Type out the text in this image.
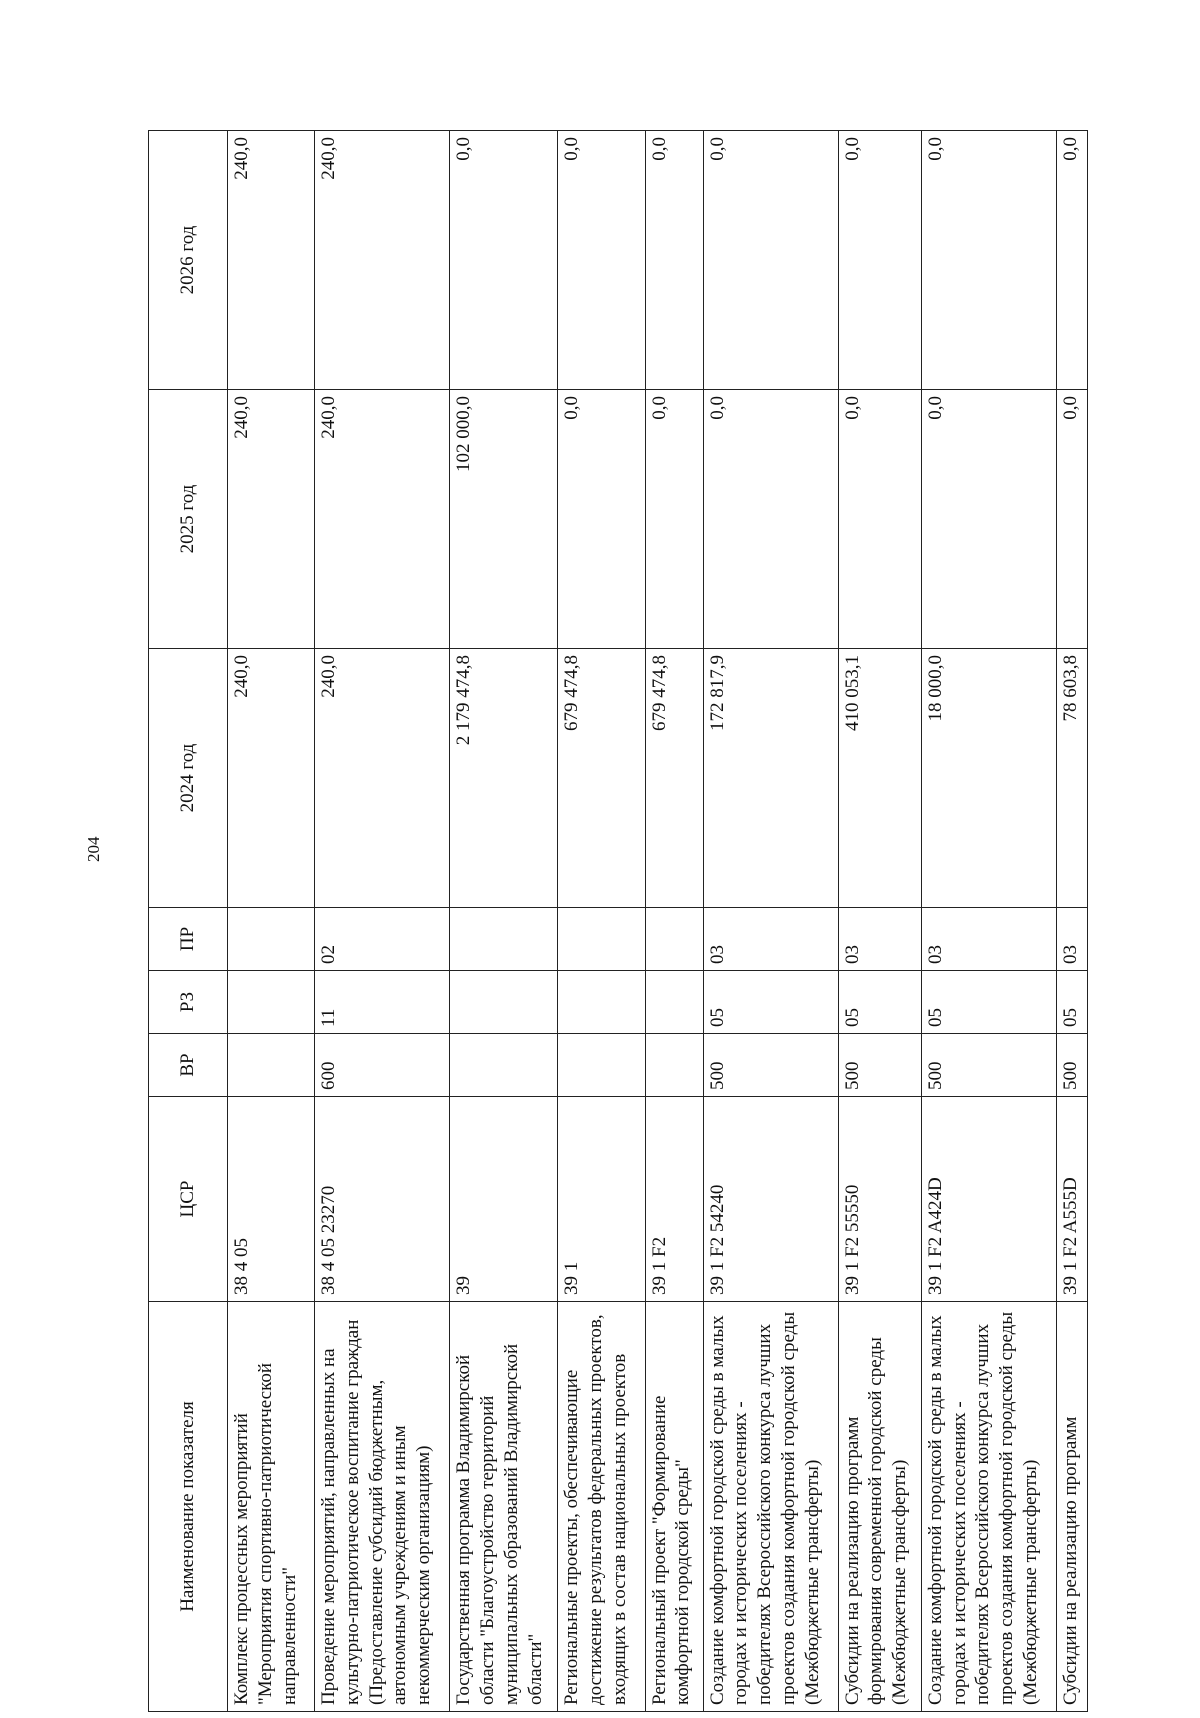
204
Наименование показателя	ЦСР	ВР	РЗ	ПР	2024 год	2025 год	2026 год
Комплекс процессных мероприятий "Мероприятия спортивно-патриотической направленности"	38 4 05				240,0	240,0	240,0
Проведение мероприятий, направленных на культурно-патриотическое воспитание граждан (Предоставление субсидий бюджетным, автономным учреждениям и иным некоммерческим организациям)	38 4 05 23270	600	11	02	240,0	240,0	240,0
Государственная программа Владимирской области "Благоустройство территорий муниципальных образований Владимирской области"	39				2 179 474,8	102 000,0	0,0
Региональные проекты, обеспечивающие достижение результатов федеральных проектов, входящих в состав национальных проектов	39 1				679 474,8	0,0	0,0
Региональный проект "Формирование комфортной городской среды"	39 1 F2				679 474,8	0,0	0,0
Создание комфортной городской среды в малых городах и исторических поселениях - победителях Всероссийского конкурса лучших проектов создания комфортной городской среды (Межбюджетные трансферты)	39 1 F2 54240	500	05	03	172 817,9	0,0	0,0
Субсидии на реализацию программ формирования современной городской среды (Межбюджетные трансферты)	39 1 F2 55550	500	05	03	410 053,1	0,0	0,0
Создание комфортной городской среды в малых городах и исторических поселениях - победителях Всероссийского конкурса лучших проектов создания комфортной городской среды (Межбюджетные трансферты)	39 1 F2 A424D	500	05	03	18 000,0	0,0	0,0
Субсидии на реализацию программ	39 1 F2 A555D	500	05	03	78 603,8	0,0	0,0
